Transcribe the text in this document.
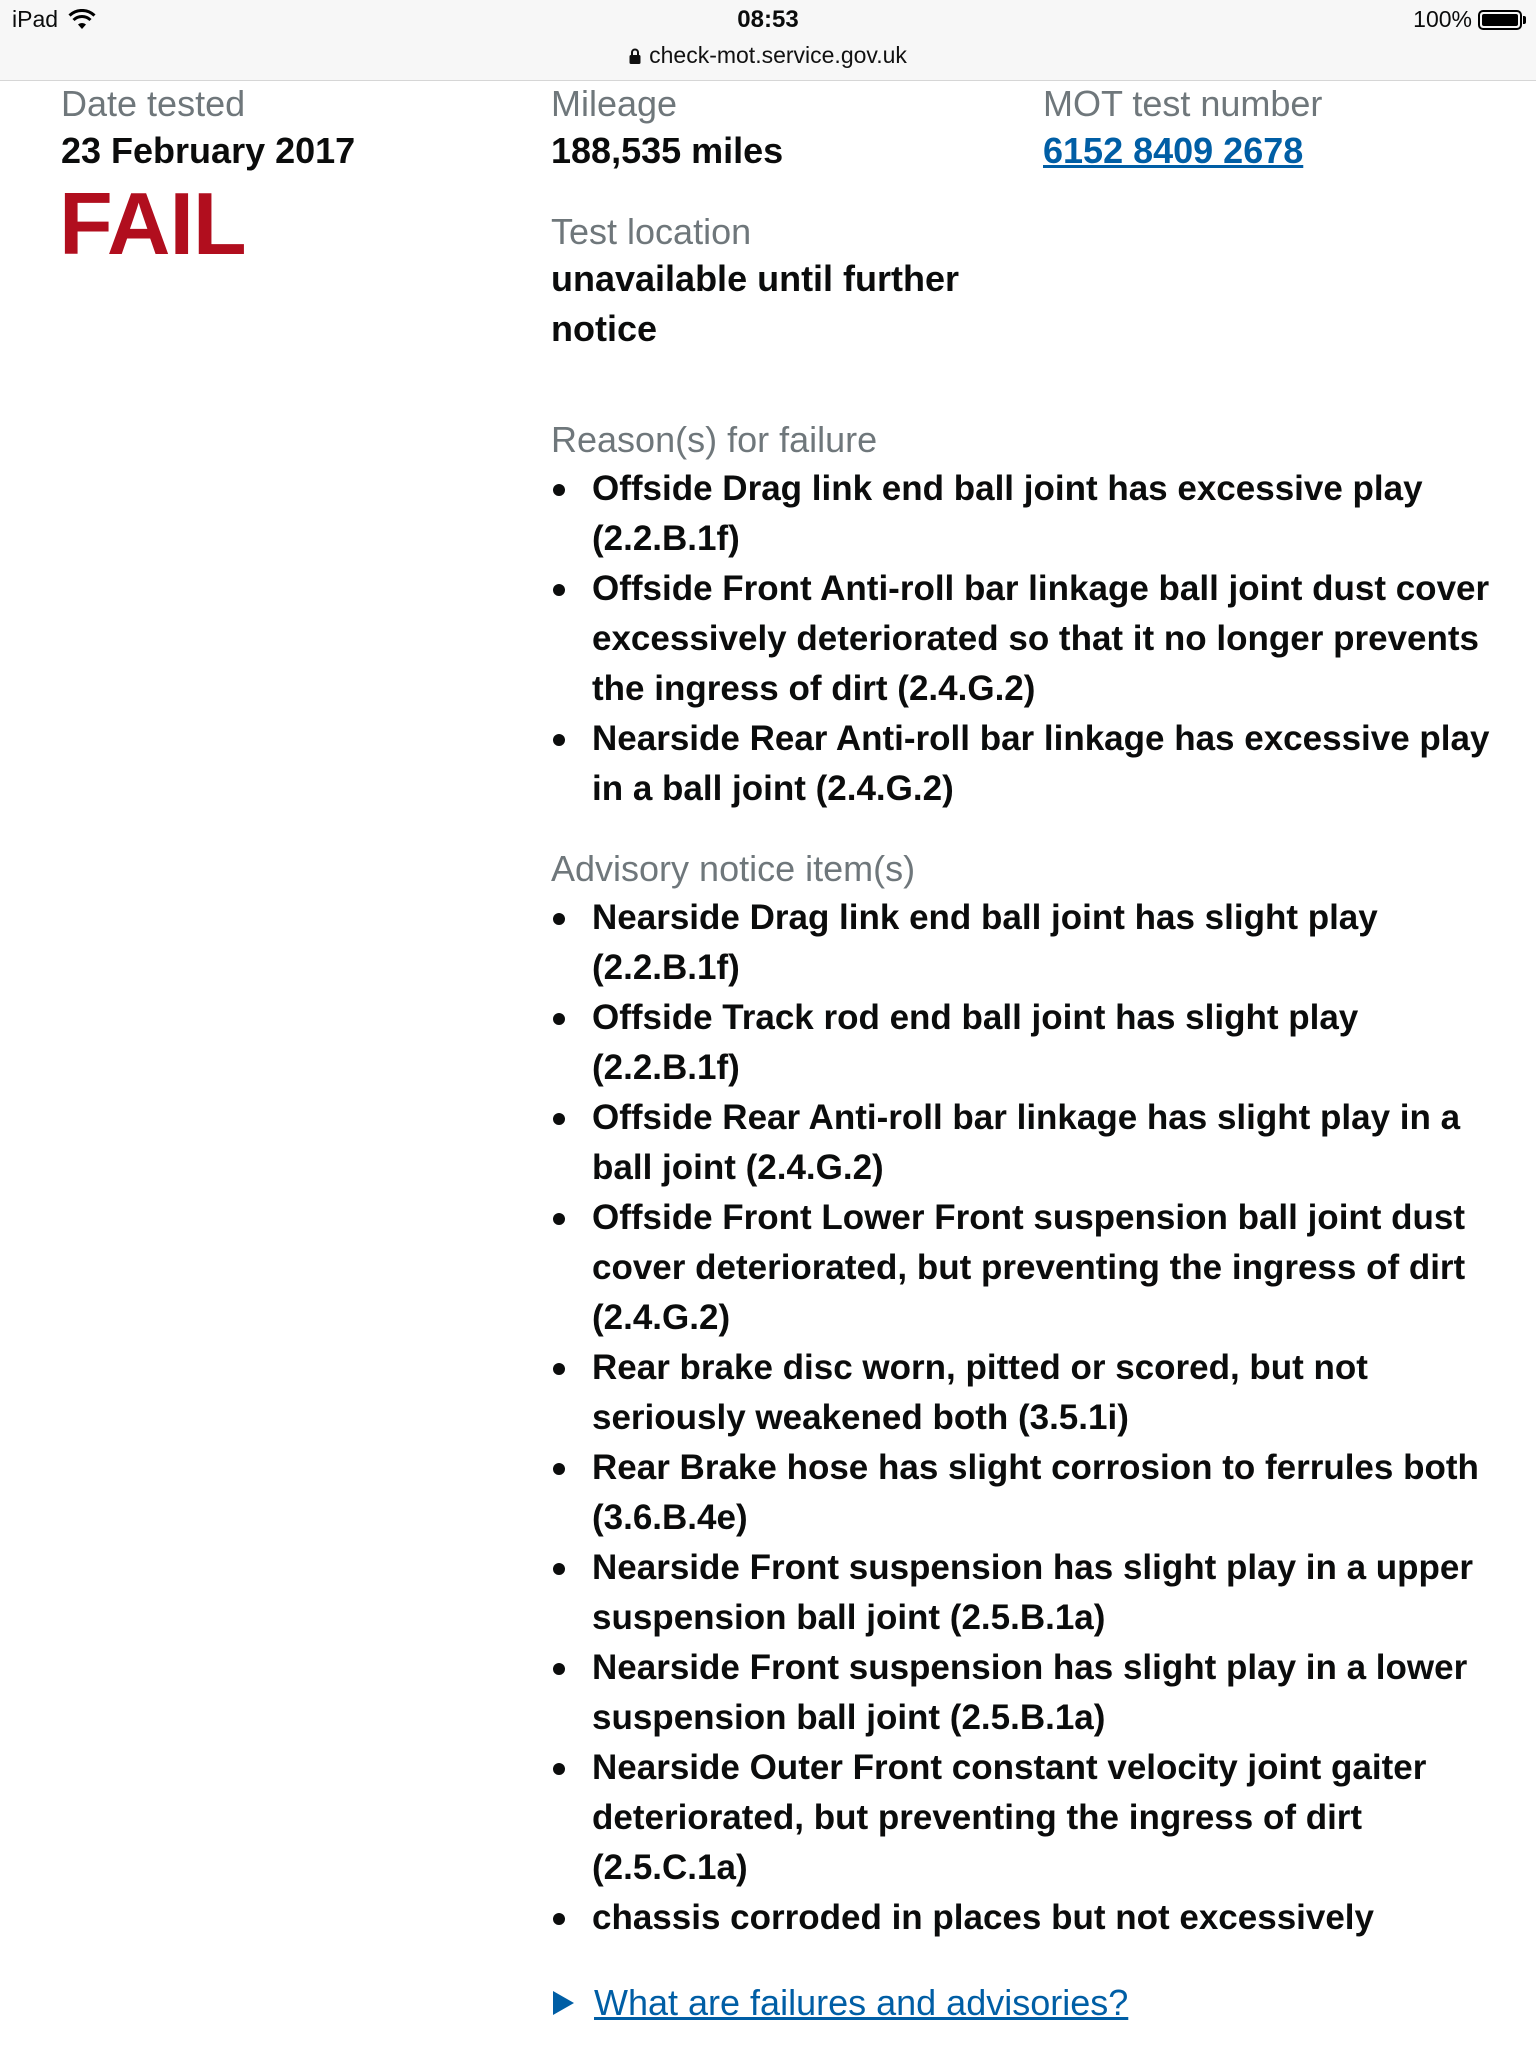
iPad	08:53	100%
check-mot.service.gov.uk

Date tested

23 February 2017

FAIL

Mileage

188,535 miles

MOT test number

6152 8409 2678

Test location

unavailable until further notice

Reason(s) for failure

Offside Drag link end ball joint has excessive play (2.2.B.1f)
Offside Front Anti-roll bar linkage ball joint dust cover excessively deteriorated so that it no longer prevents the ingress of dirt (2.4.G.2)
Nearside Rear Anti-roll bar linkage has excessive play in a ball joint (2.4.G.2)

Advisory notice item(s)

Nearside Drag link end ball joint has slight play (2.2.B.1f)
Offside Track rod end ball joint has slight play (2.2.B.1f)
Offside Rear Anti-roll bar linkage has slight play in a ball joint (2.4.G.2)
Offside Front Lower Front suspension ball joint dust cover deteriorated, but preventing the ingress of dirt (2.4.G.2)
Rear brake disc worn, pitted or scored, but not seriously weakened both (3.5.1i)
Rear Brake hose has slight corrosion to ferrules both (3.6.B.4e)
Nearside Front suspension has slight play in a upper suspension ball joint (2.5.B.1a)
Nearside Front suspension has slight play in a lower suspension ball joint (2.5.B.1a)
Nearside Outer Front constant velocity joint gaiter deteriorated, but preventing the ingress of dirt (2.5.C.1a)
chassis corroded in places but not excessively
What are failures and advisories?
